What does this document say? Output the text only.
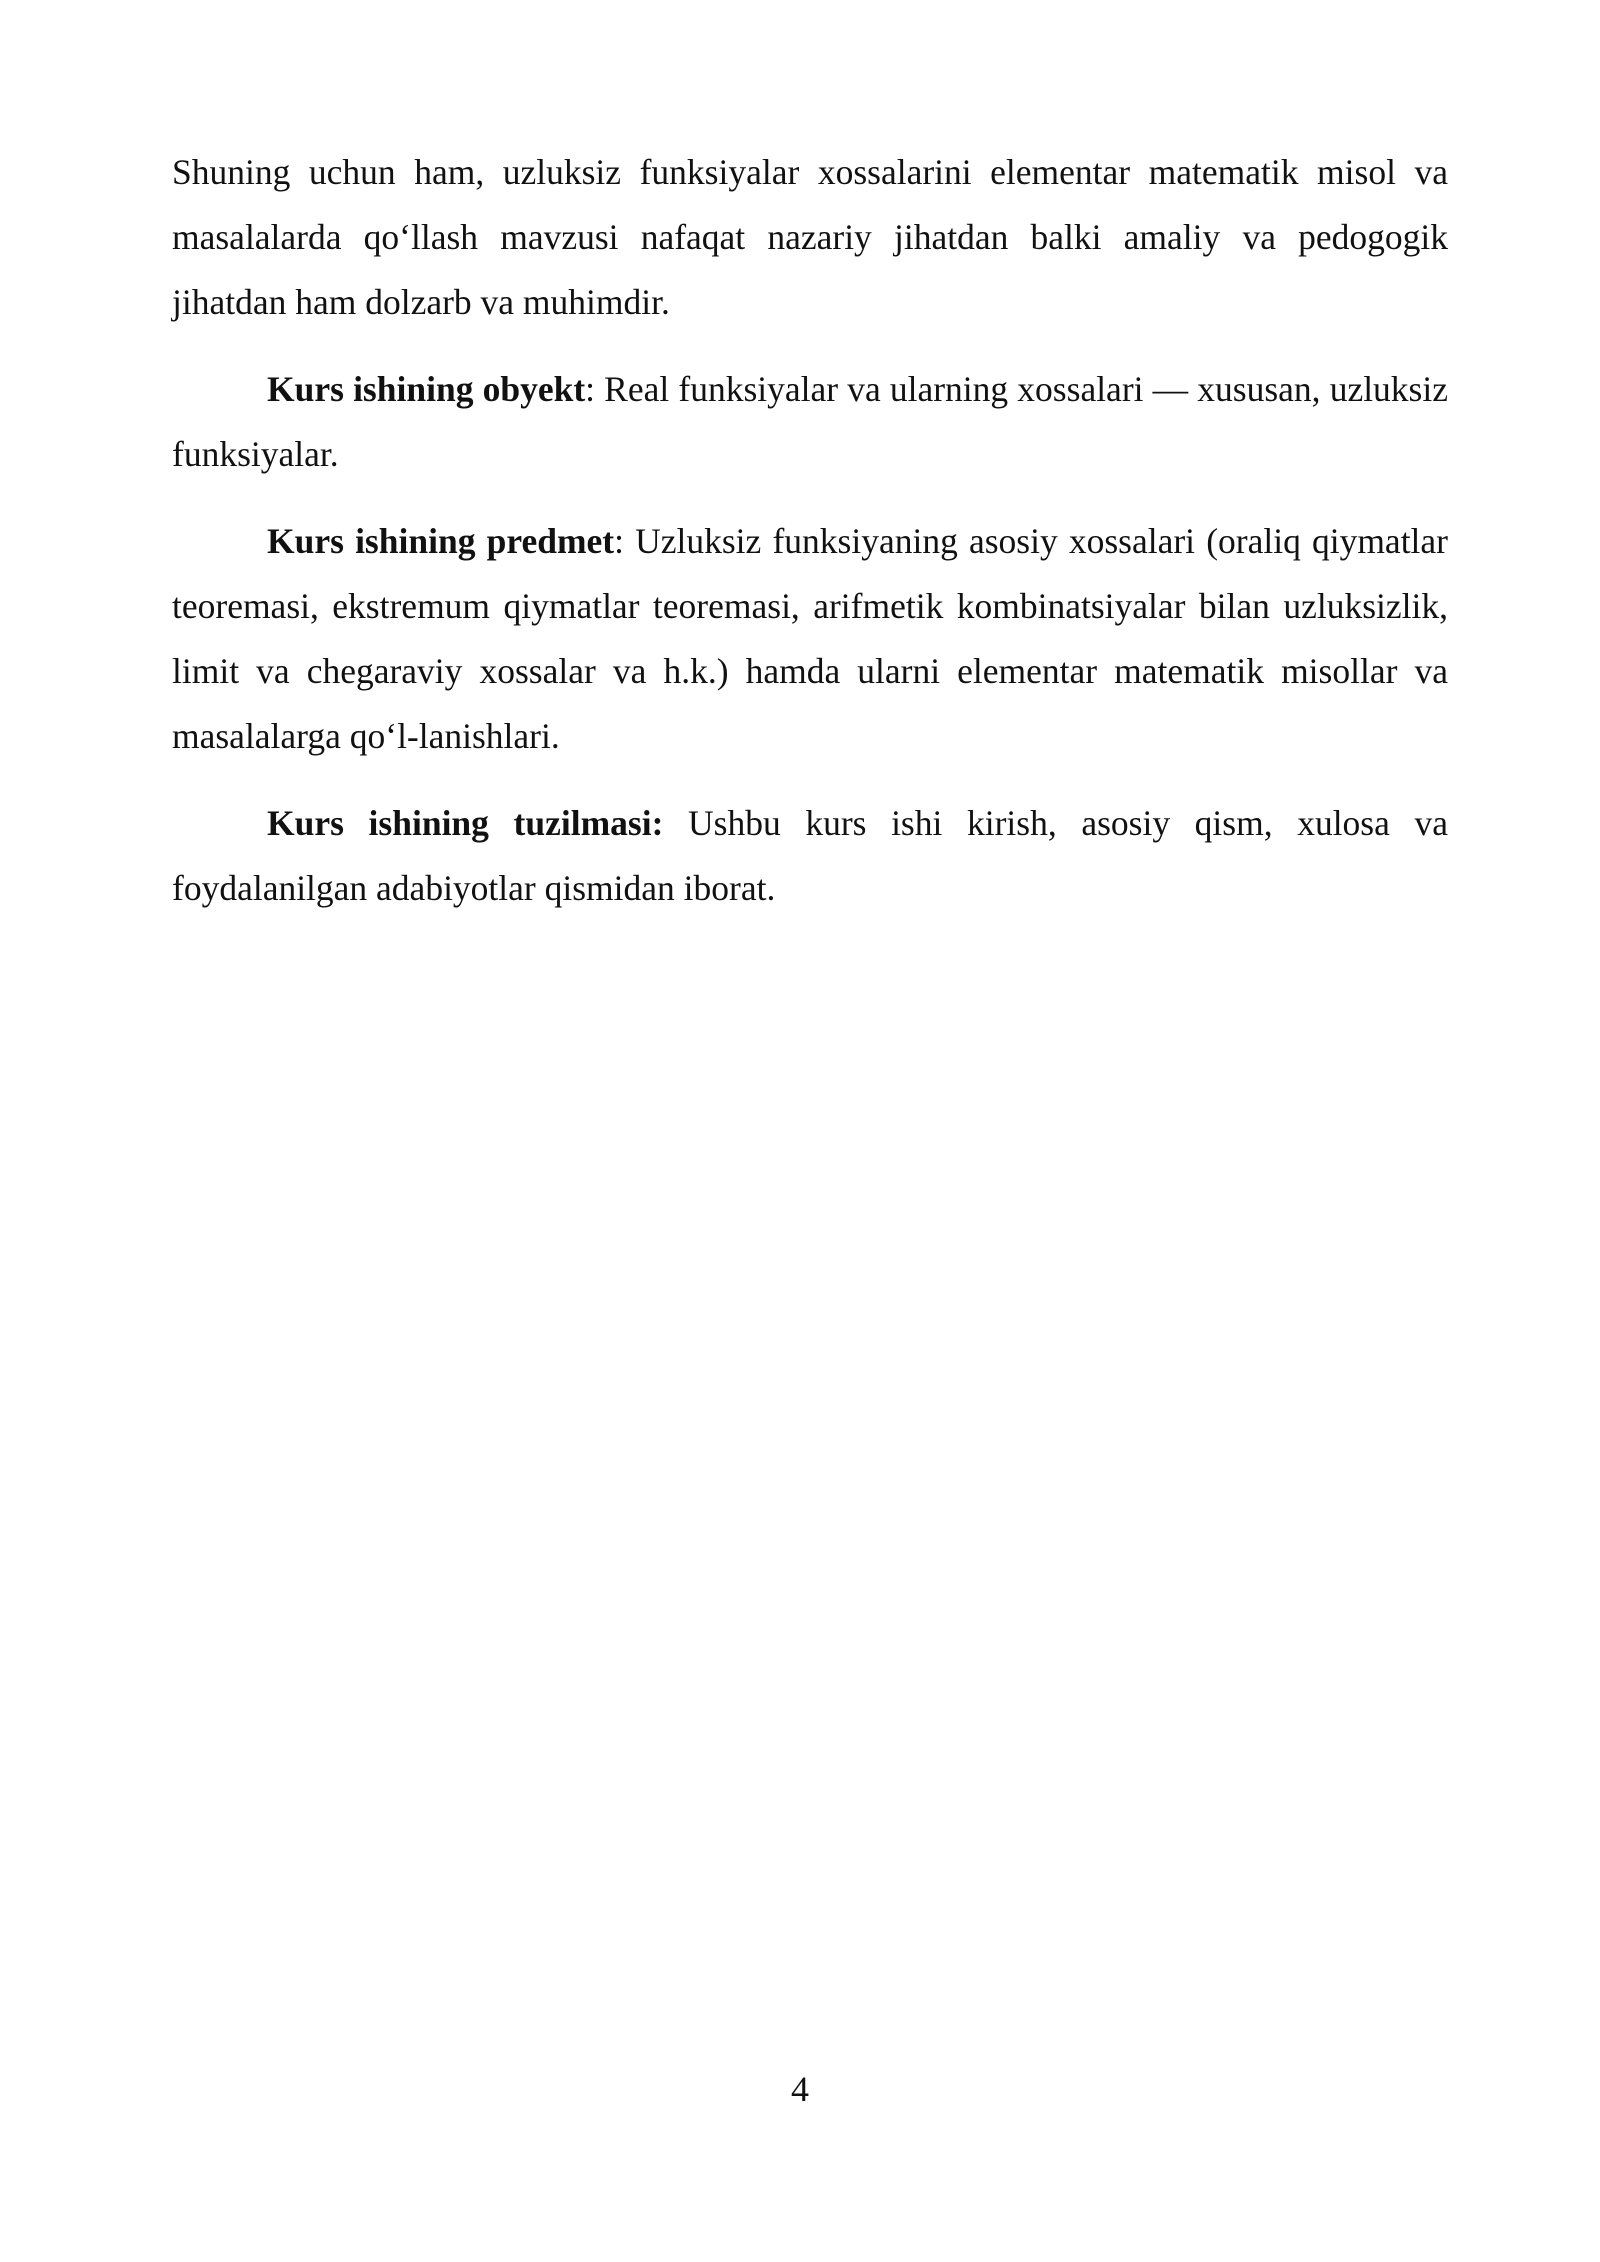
Shuning uchun ham, uzluksiz funksiyalar xossalarini elementar matematik misol va masalalarda qo‘llash mavzusi nafaqat nazariy jihatdan balki amaliy va pedogogik jihatdan ham dolzarb va muhimdir.

Kurs ishining obyekt: Real funksiyalar va ularning xossalari — xususan, uzluksiz funksiyalar.

Kurs ishining predmet: Uzluksiz funksiyaning asosiy xossalari (oraliq qiymatlar teoremasi, ekstremum qiymatlar teoremasi, arifmetik kombinatsiyalar bilan uzluksizlik, limit va chegaraviy xossalar va h.k.) hamda ularni elementar matematik misollar va masalalarga qo‘l-lanishlari.

Kurs ishining tuzilmasi: Ushbu kurs ishi kirish, asosiy qism, xulosa va foydalanilgan adabiyotlar qismidan iborat.

4
